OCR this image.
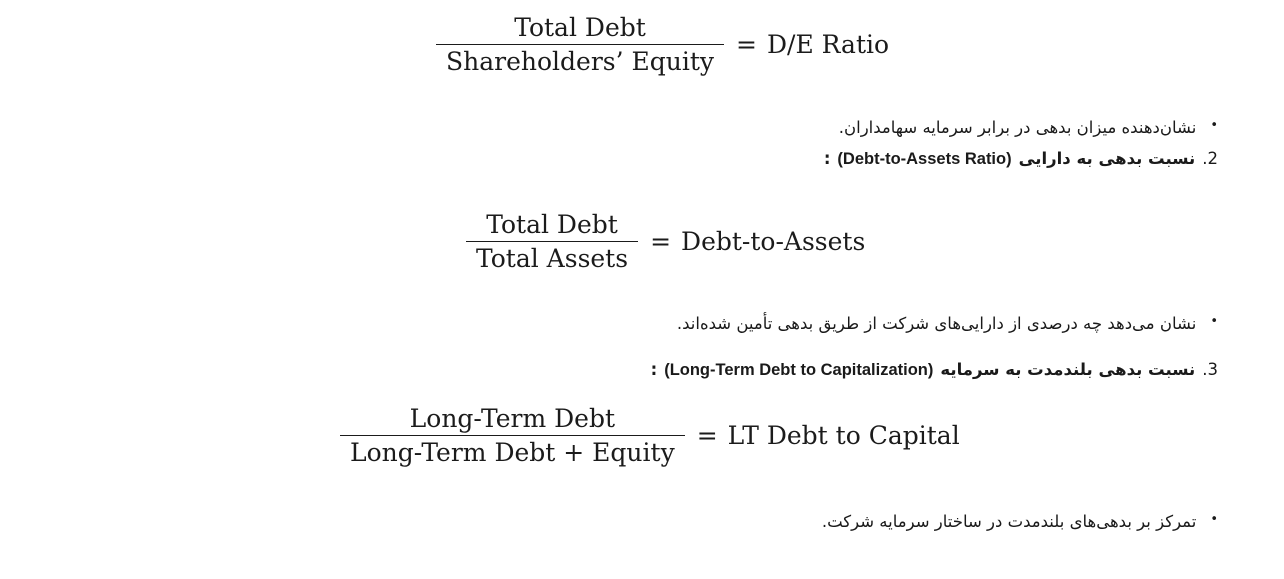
$\frac{\text{Total Debt}}{\text{Shareholders’ Equity}} = D/E$ Ratio
•
نشان‌دهنده میزان بدهی در برابر سرمایه سهامداران.
2.
نسبت بدهی به دارایی
(Debt-to-Assets Ratio)
:
$\frac{\text{Total Debt}}{\text{Total Assets}}$ = Debt-to-Assets
•
نشان می‌دهد چه درصدی از دارایی‌های شرکت از طریق بدهی تأمین شده‌اند.
3.
نسبت بدهی بلندمدت به سرمایه
(Long-Term Debt to Capitalization)
:
$\frac{\text{Long-Term Debt}}{\text{Long-Term Debt + Equity}}$ = LT Debt to Capital
•
تمرکز بر بدهی‌های بلندمدت در ساختار سرمایه شرکت.
